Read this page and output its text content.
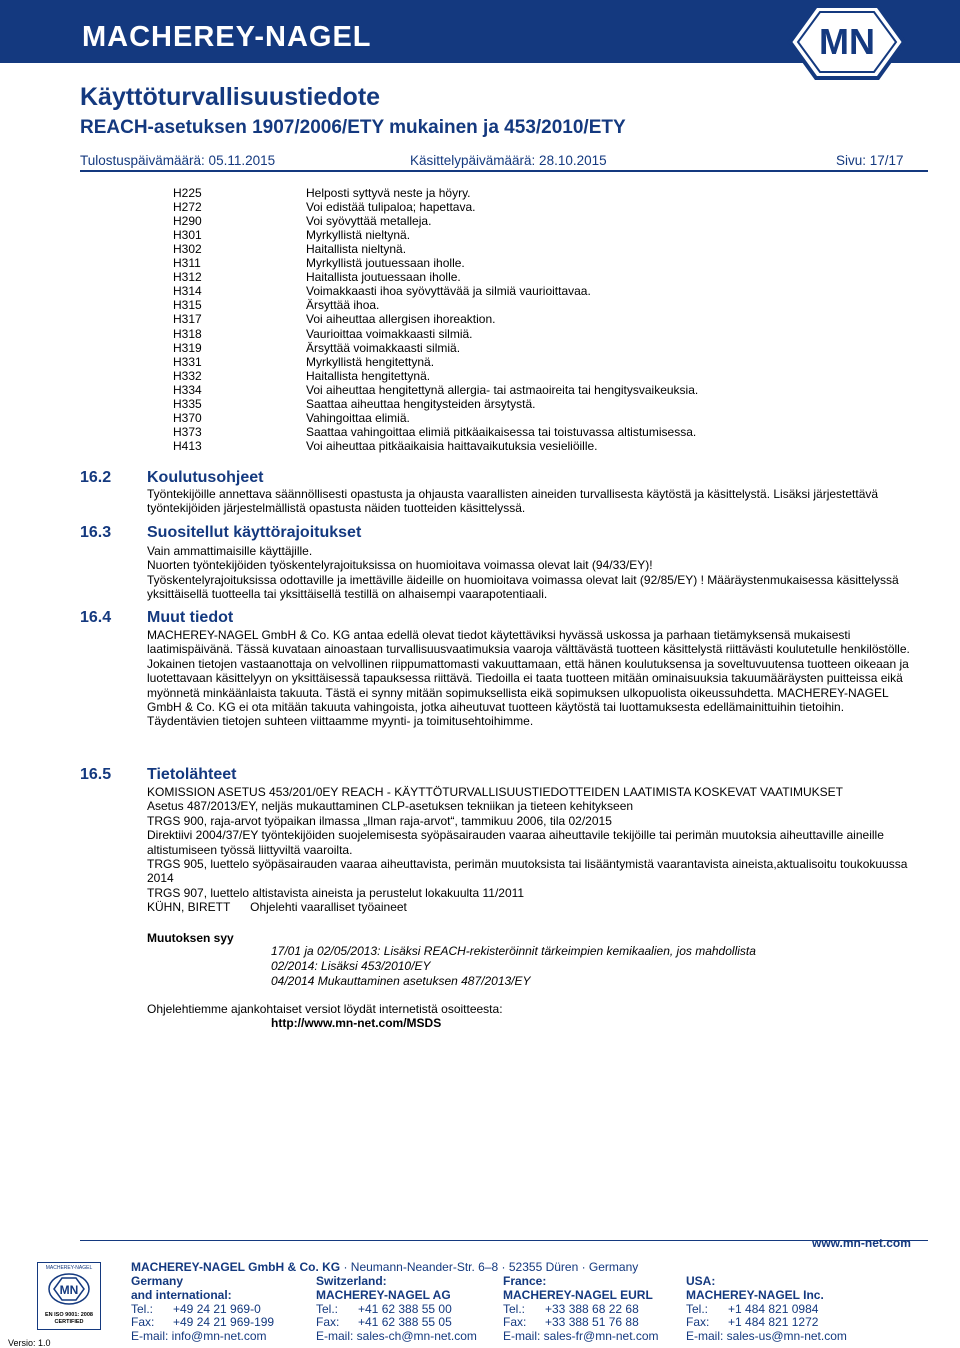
MACHEREY-NAGEL	MN
Käyttöturvallisuustiedote
REACH-asetuksen 1907/2006/ETY mukainen ja 453/2010/ETY
Tulostuspäivämäärä: 05.11.2015	Käsittelypäivämäärä: 28.10.2015	Sivu: 17/17
H225	Helposti syttyvä neste ja höyry.
H272	Voi edistää tulipaloa; hapettava.
H290	Voi syövyttää metalleja.
H301	Myrkyllistä nieltynä.
H302	Haitallista nieltynä.
H311	Myrkyllistä joutuessaan iholle.
H312	Haitallista joutuessaan iholle.
H314	Voimakkaasti ihoa syövyttävää ja silmiä vaurioittavaa.
H315	Ärsyttää ihoa.
H317	Voi aiheuttaa allergisen ihoreaktion.
H318	Vaurioittaa voimakkaasti silmiä.
H319	Ärsyttää voimakkaasti silmiä.
H331	Myrkyllistä hengitettynä.
H332	Haitallista hengitettynä.
H334	Voi aiheuttaa hengitettynä allergia- tai astmaoireita tai hengitysvaikeuksia.
H335	Saattaa aiheuttaa hengitysteiden ärsytystä.
H370	Vahingoittaa elimiä.
H373	Saattaa vahingoittaa elimiä pitkäaikaisessa tai toistuvassa altistumisessa.
H413	Voi aiheuttaa pitkäaikaisia haittavaikutuksia vesieliöille.
16.2 Koulutusohjeet
Työntekijöille annettava säännöllisesti opastusta ja ohjausta vaarallisten aineiden turvallisesta käytöstä ja käsittelystä. Lisäksi järjestettävä työntekijöiden järjestelmällistä opastusta näiden tuotteiden käsittelyssä.
16.3 Suositellut käyttörajoitukset

Vain ammattimaisille käyttäjille.

Nuorten työntekijöiden työskentelyrajoituksissa on huomioitava voimassa olevat lait (94/33/EY)!

Työskentelyrajoituksissa odottaville ja imettäville äideille on huomioitava voimassa olevat lait (92/85/EY) ! Määräystenmukaisessa käsittelyssä yksittäisellä tuotteella tai yksittäisellä testillä on alhaisempi vaarapotentiaali.

16.4 Muut tiedot
MACHEREY-NAGEL GmbH & Co. KG antaa edellä olevat tiedot käytettäviksi hyvässä uskossa ja parhaan tietämyksensä mukaisesti laatimispäivänä. Tässä kuvataan ainoastaan turvallisuusvaatimuksia vaaroja välttävästä tuotteen käsittelystä riittävästi koulutetulle henkilöstölle. Jokainen tietojen vastaanottaja on velvollinen riippumattomasti vakuuttamaan, että hänen koulutuksensa ja soveltuvuutensa tuotteen oikeaan ja luotettavaan käsittelyyn on yksittäisessä tapauksessa riittävä. Tiedoilla ei taata tuotteen mitään ominaisuuksia takuumääräysten puitteissa eikä myönnetä minkäänlaista takuuta. Tästä ei synny mitään sopimuksellista eikä sopimuksen ulkopuolista oikeussuhdetta. MACHEREY-NAGEL GmbH & Co. KG ei ota mitään takuuta vahingoista, jotka aiheutuvat tuotteen käytöstä tai luottamuksesta edellämainittuihin tietoihin. Täydentävien tietojen suhteen viittaamme myynti- ja toimitusehtoihimme.
16.5 Tietolähteet

KOMISSION ASETUS 453/201/0EY REACH - KÄYTTÖTURVALLISUUSTIEDOTTEIDEN LAATIMISTA KOSKEVAT VAATIMUKSET

Asetus 487/2013/EY, neljäs mukauttaminen CLP-asetuksen tekniikan ja tieteen kehitykseen

TRGS 900, raja-arvot työpaikan ilmassa „Ilman raja-arvot“, tammikuu 2006, tila 02/2015

Direktiivi 2004/37/EY työntekijöiden suojelemisesta syöpäsairauden vaaraa aiheuttavile tekijöille tai perimän muutoksia aiheuttaville aineille altistumiseen työssä liittyviltä vaaroilta.

TRGS 905, luettelo syöpäsairauden vaaraa aiheuttavista, perimän muutoksista tai lisääntymistä vaarantavista aineista,aktualisoitu toukokuussa 2014

TRGS 907, luettelo altistavista aineista ja perustelut lokakuulta 11/2011

KÜHN, BIRETT      Ohjelehti vaaralliset työaineet

Muutoksen syy

17/01 ja 02/05/2013: Lisäksi REACH-rekisteröinnit tärkeimpien kemikaalien, jos mahdollista

02/2014: Lisäksi 453/2010/EY

04/2014 Mukauttaminen asetuksen 487/2013/EY

Ohjelehtiemme ajankohtaiset versiot löydät internetistä osoitteesta:
http://www.mn-net.com/MSDS
www.mn-net.com
MACHEREY-NAGEL GmbH & Co. KG · Neumann-Neander-Str. 6–8 · 52355 Düren · Germany
MACHEREY-NAGEL
MN
EN ISO 9001: 2008
CERTIFIED
Versio: 1.0
Germany
and international:
Tel.: +49 24 21 969-0
Fax: +49 24 21 969-199
E-mail: info@mn-net.com
Switzerland:
MACHEREY-NAGEL AG
Tel.: +41 62 388 55 00
Fax: +41 62 388 55 05
E-mail: sales-ch@mn-net.com
France:
MACHEREY-NAGEL EURL
Tel.: +33 388 68 22 68
Fax: +33 388 51 76 88
E-mail: sales-fr@mn-net.com
USA:
MACHEREY-NAGEL Inc.
Tel.: +1 484 821 0984
Fax: +1 484 821 1272
E-mail: sales-us@mn-net.com
